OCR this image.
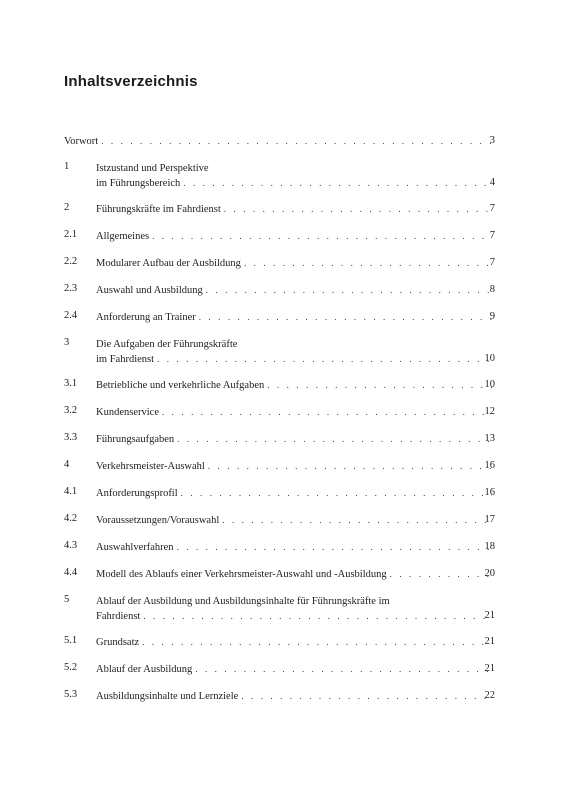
Inhaltsverzeichnis
Vorwort . . .	3
1	Istzustand und Perspektive
im Führungsbereich . . .	4
2	Führungskräfte im Fahrdienst . . .	7
2.1 Allgemeines . . .	7
2.2 Modularer Aufbau der Ausbildung . . .	7
2.3 Auswahl und Ausbildung . . .	8
2.4 Anforderung an Trainer . . .	9
3	Die Aufgaben der Führungskräfte
im Fahrdienst . . .	10
3.1 Betriebliche und verkehrliche Aufgaben . . .	10
3.2 Kundenservice . . .	12
3.3 Führungsaufgaben . . .	13
4	Verkehrsmeister-Auswahl . . .	16
4.1 Anforderungsprofil . . .	16
4.2 Voraussetzungen/Vorauswahl . . .	17
4.3 Auswahlverfahren . . .	18
4.4 Modell des Ablaufs einer Verkehrsmeister-Auswahl und -Ausbildung . . .	20
5	Ablauf der Ausbildung und Ausbildungsinhalte für Führungskräfte im
Fahrdienst . . .	21
5.1 Grundsatz . . .	21
5.2 Ablauf der Ausbildung . . .	21
5.3 Ausbildungsinhalte und Lernziele . . .	22
